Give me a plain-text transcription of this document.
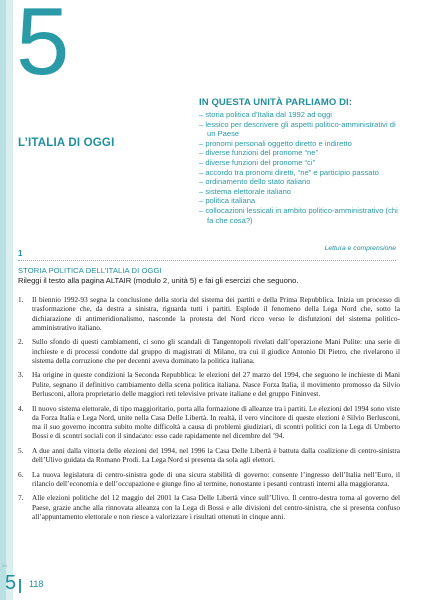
5
L’ITALIA DI OGGI
IN QUESTA UNITÀ PARLIAMO DI:
– storia politica d’Italia dal 1992 ad oggi
– lessico per descrivere gli aspetti politico-amministrativi di un Paese
– pronomi personali oggetto diretto e indiretto
– diverse funzioni del pronome “ne”
– diverse funzioni del pronome “ci”
– accordo tra pronomi diretti, “ne” e participio passato
– ordinamento dello stato italiano
– sistema elettorale italiano
– politica italiana
– collocazioni lessicali in ambito politico-amministrativo (chi fa che cosa?)
1
Lettura e comprensione
STORIA POLITICA DELL’ITALIA DI OGGI
Rileggi il testo alla pagina ALTAIR (modulo 2, unità 5) e fai gli esercizi che seguono.
1. Il biennio 1992-93 segna la conclusione della storia del sistema dei partiti e della Prima Repubblica. Inizia un processo di trasformazione che, da destra a sinistra, riguarda tutti i partiti. Esplode il fenomeno della Lega Nord che, sotto la dichiarazione di antimeridionalismo, nasconde la protesta del Nord ricco verso le disfunzioni del sistema politico-amministrativo italiano.
2. Sullo sfondo di questi cambiamenti, ci sono gli scandali di Tangentopoli rivelati dall’operazione Mani Pulite: una serie di inchieste e di processi condotte dal gruppo di magistrati di Milano, tra cui il giudice Antonio Di Pietro, che rivelarono il sistema della corruzione che per decenni aveva dominato la politica italiana.
3. Ha origine in queste condizioni la Seconda Repubblica: le elezioni del 27 marzo del 1994, che seguono le inchieste di Mani Pulite, segnano il definitivo cambiamento della scena politica italiana. Nasce Forza Italia, il movimento promosso da Silvio Berlusconi, allora proprietario delle maggiori reti televisive private italiane e del gruppo Fininvest.
4. Il nuovo sistema elettorale, di tipo maggioritario, porta alla formazione di alleanze tra i partiti. Le elezioni del 1994 sono viste da Forza Italia e Lega Nord, unite nella Casa Delle Libertà. In realtà, il vero vincitore di queste elezioni è Silvio Berlusconi, ma il suo governo incontra subito molte difficoltà a causa di problemi giudiziari, di scontri politici con la Lega di Umberto Bossi e di scontri sociali con il sindacato: esso cade rapidamente nel dicembre del ’94.
5. A due anni dalla vittoria delle elezioni del 1994, nel 1996 la Casa Delle Libertà è battuta dalla coalizione di centro-sinistra dell’Ulivo guidata da Romano Prodi. La Lega Nord si presenta da sola agli elettori.
6. La nuova legislatura di centro-sinistra gode di una sicura stabilità di governo: consente l’ingresso dell’Italia nell’Euro, il rilancio dell’economia e dell’occupazione e giunge fino al termine, nonostante i pesanti contrasti interni alla maggioranza.
7. Alle elezioni politiche del 12 maggio del 2001 la Casa Delle Libertà vince sull’Ulivo. Il centro-destra torna al governo del Paese, grazie anche alla rinnovata alleanza con la Lega di Bossi e alle divisioni del centro-sinistra, che si presenta confuso all’appuntamento elettorale e non riesce a valorizzare i risultati ottenuti in cinque anni.
5/1
5 118
